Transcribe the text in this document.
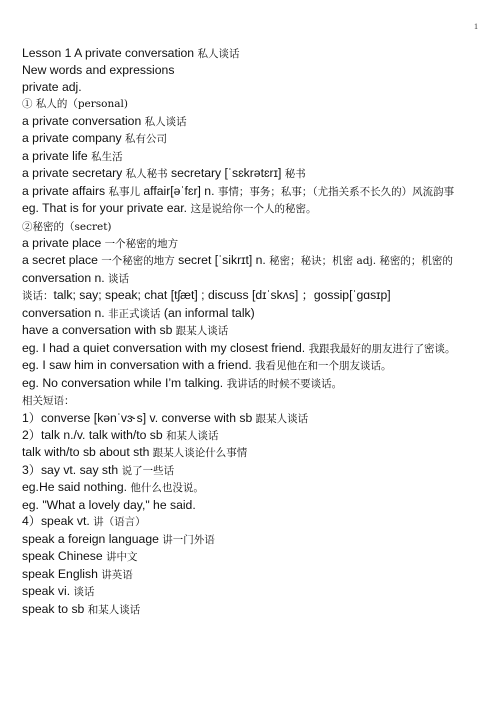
1
Lesson 1 A private conversation 私人谈话
New words and expressions
private adj.
① 私人的（personal)
a private conversation 私人谈话
a private company 私有公司
a private life 私生活
a private secretary 私人秘书 secretary [ˈsɛkrətɛrɪ] 秘书
a private affairs 私事儿 affair[əˈfɛr] n. 事情；事务；私事；（尤指关系不长久的）风流韵事
eg. That is for your private ear. 这是说给你一个人的秘密。
②秘密的（secret)
a private place 一个秘密的地方
a secret place 一个秘密的地方 secret [ˈsikrɪt] n. 秘密；秘诀；机密 adj. 秘密的；机密的
conversation n. 谈话
谈话：talk; say; speak; chat [tʃæt] ; discuss [dɪˈskʌs] ；gossip[ˈɡɑsɪp]
conversation n. 非正式谈话 (an informal talk)
have a conversation with sb 跟某人谈话
eg. I had a quiet conversation with my closest friend. 我跟我最好的朋友进行了密谈。
eg. I saw him in conversation with a friend. 我看见他在和一个朋友谈话。
eg. No conversation while I’m talking. 我讲话的时候不要谈话。
相关短语：
1）converse [kənˈvɜ˞s] v. converse with sb 跟某人谈话
2）talk n./v. talk with/to sb 和某人谈话
talk with/to sb about sth 跟某人谈论什么事情
3）say vt. say sth 说了一些话
eg.He said nothing. 他什么也没说。
eg. "What a lovely day," he said.
4）speak vt. 讲（语言）
speak a foreign language 讲一门外语
speak Chinese 讲中文
speak English 讲英语
speak vi. 谈话
speak to sb 和某人谈话
